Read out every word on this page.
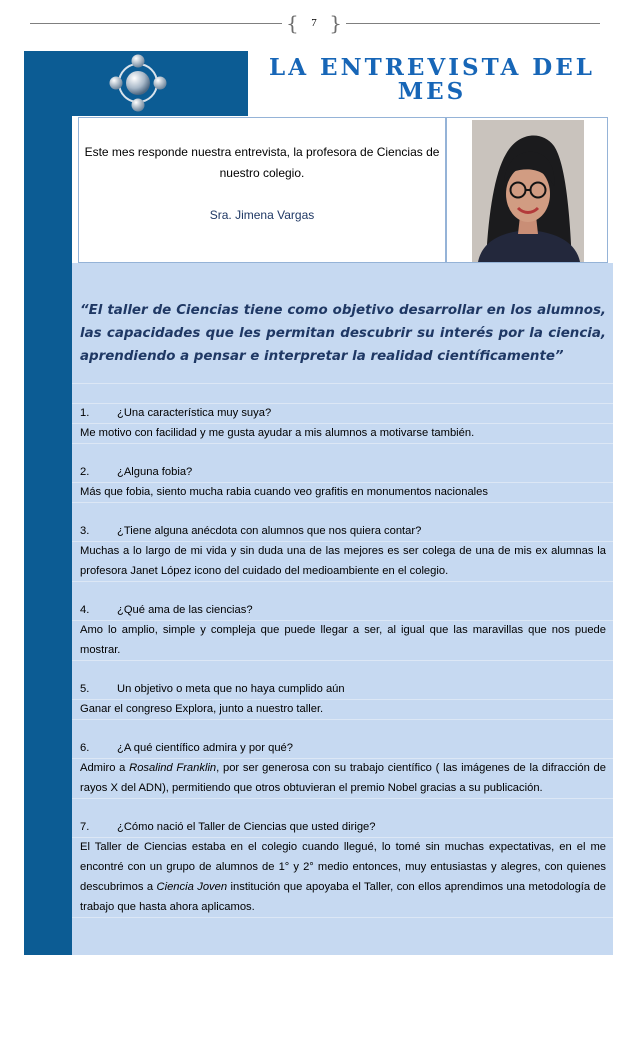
{	7 }
LA ENTREVISTA DEL MES
Este mes responde nuestra entrevista, la profesora de Ciencias de nuestro colegio.
Sra. Jimena Vargas

“El taller de Ciencias tiene como objetivo desarrollar en los alumnos, las capacidades que les permitan descubrir su interés por la ciencia, aprendiendo a pensar e interpretar la realidad científicamente”

1. ¿Una característica muy suya?

Me motivo con facilidad y me gusta ayudar a mis alumnos a motivarse también.

2. ¿Alguna fobia?

Más que fobia, siento mucha rabia cuando veo grafitis en monumentos nacionales

3. ¿Tiene alguna anécdota con alumnos que nos quiera contar?

Muchas a lo largo de mi vida y sin duda una de las mejores es ser colega de una de mis ex alumnas la profesora Janet López icono del cuidado del medioambiente en el colegio.

4. ¿Qué ama de las ciencias?

Amo lo amplio, simple y compleja que puede llegar a ser, al igual que las maravillas que nos puede mostrar.

5. Un objetivo o meta que no haya cumplido aún

Ganar el congreso Explora, junto a nuestro taller.

6. ¿A qué científico admira y por qué?

Admiro a Rosalind Franklin, por ser generosa con su trabajo científico ( las imágenes de la difracción de rayos X del ADN), permitiendo que otros obtuvieran el premio Nobel gracias a su publicación.

7. ¿Cómo nació el Taller de Ciencias que usted dirige?

El Taller de Ciencias estaba en el colegio cuando llegué, lo tomé sin muchas expectativas, en el me encontré con un grupo de alumnos de 1° y 2° medio entonces, muy entusiastas y alegres, con quienes descubrimos a Ciencia Joven institución que apoyaba el Taller, con ellos aprendimos una metodología de trabajo que hasta ahora aplicamos.
